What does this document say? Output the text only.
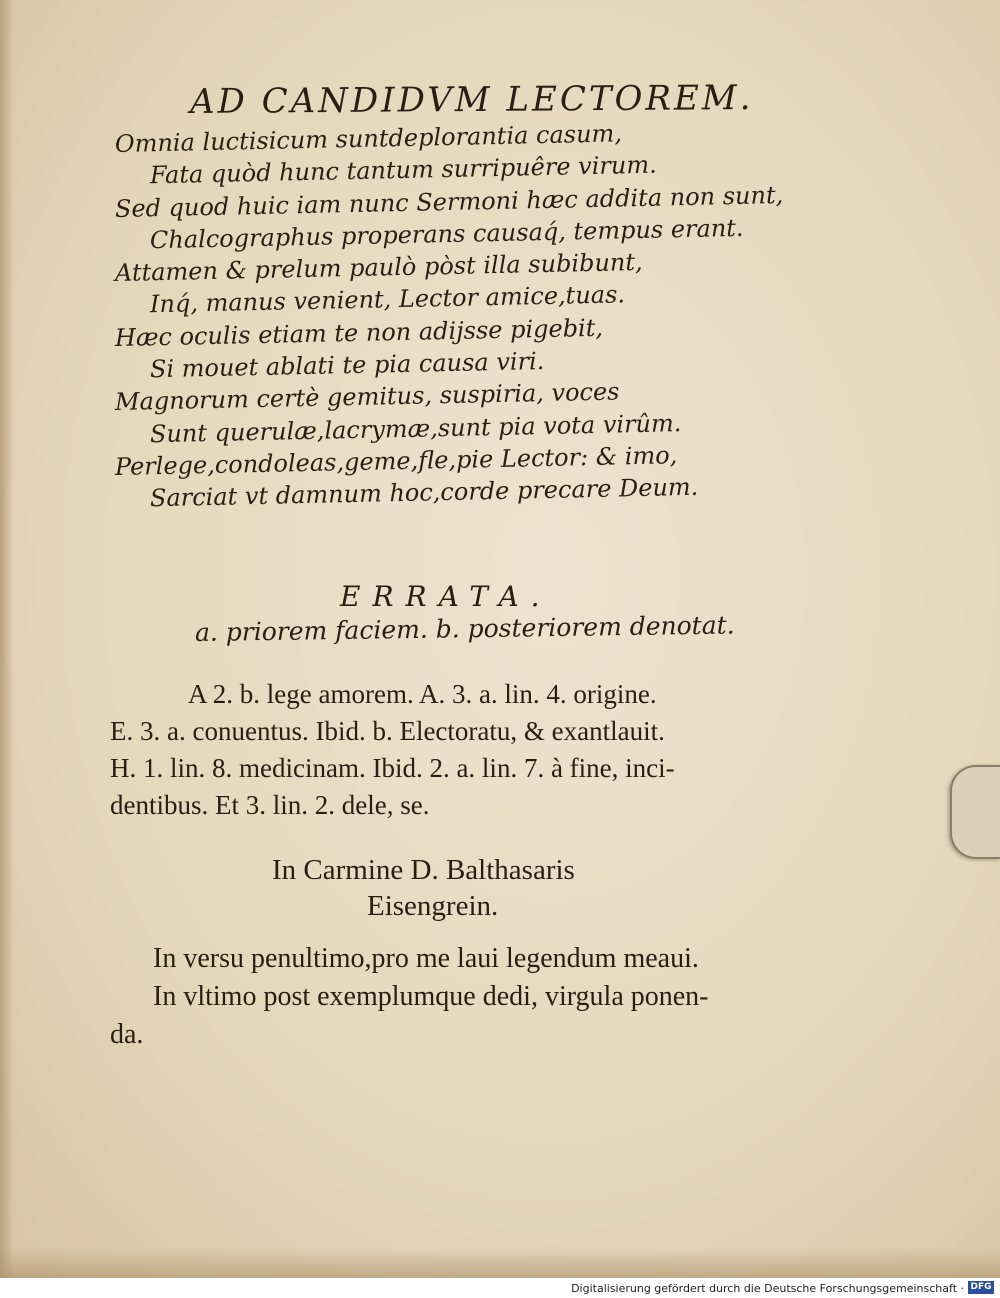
AD CANDIDVM LECTOREM.
Omnia luctisicum suntdeplorantia casum,
Fata quòd hunc tantum surripuêre virum.
Sed quod huic iam nunc Sermoni hæc addita non sunt,
Chalcographus properans causaq́, tempus erant.
Attamen & prelum paulò pòst illa subibunt,
Inq́, manus venient, Lector amice,tuas.
Hæc oculis etiam te non adijsse pigebit,
Si mouet ablati te pia causa viri.
Magnorum certè gemitus, suspiria, voces
Sunt querulæ,lacrymæ,sunt pia vota virûm.
Perlege,condoleas,geme,fle,pie Lector: & imo,
Sarciat vt damnum hoc,corde precare Deum.
ERRATA.
a. priorem faciem. b. posteriorem denotat.
A 2. b. lege amorem. A. 3. a. lin. 4. origine.
E. 3. a. conuentus. Ibid. b. Electoratu, & exantlauit.
H. 1. lin. 8. medicinam. Ibid. 2. a. lin. 7. à fine, inci-
dentibus. Et 3. lin. 2. dele, se.
In Carmine D. Balthasaris
Eisengrein.
In versu penultimo,pro me laui legendum meaui.
In vltimo post exemplumque dedi, virgula ponen-
da.
Digitalisierung gefördert durch die Deutsche Forschungsgemeinschaft · DFG
